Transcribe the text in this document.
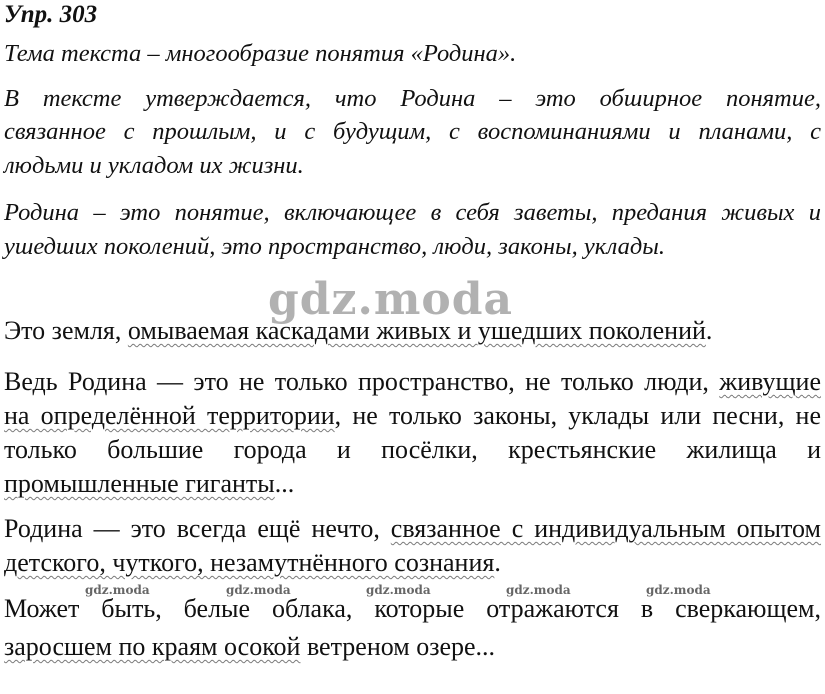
Упр. 303
Тема текста – многообразие понятия «Родина».
В тексте утверждается, что Родина – это обширное понятие,
связанное с прошлым, и с будущим, с воспоминаниями и планами, с
людьми и укладом их жизни.
Родина – это понятие, включающее в себя заветы, предания живых и
ушедших поколений, это пространство, люди, законы, уклады.
gdz.moda
Это земля, омываемая каскадами живых и ушедших поколений.
Ведь Родина — это не только пространство, не только люди, живущие
на определённой территории, не только законы, уклады или песни, не
только большие города и посёлки, крестьянские жилища и
промышленные гиганты...
Родина — это всегда ещё нечто, связанное с индивидуальным опытом
детского, чуткого, незамутнённого сознания.
gdz.moda	gdz.moda	gdz.moda	gdz.moda	gdz.moda
Может быть, белые облака, которые отражаются в сверкающем,
заросшем по краям осокой ветреном озере...
